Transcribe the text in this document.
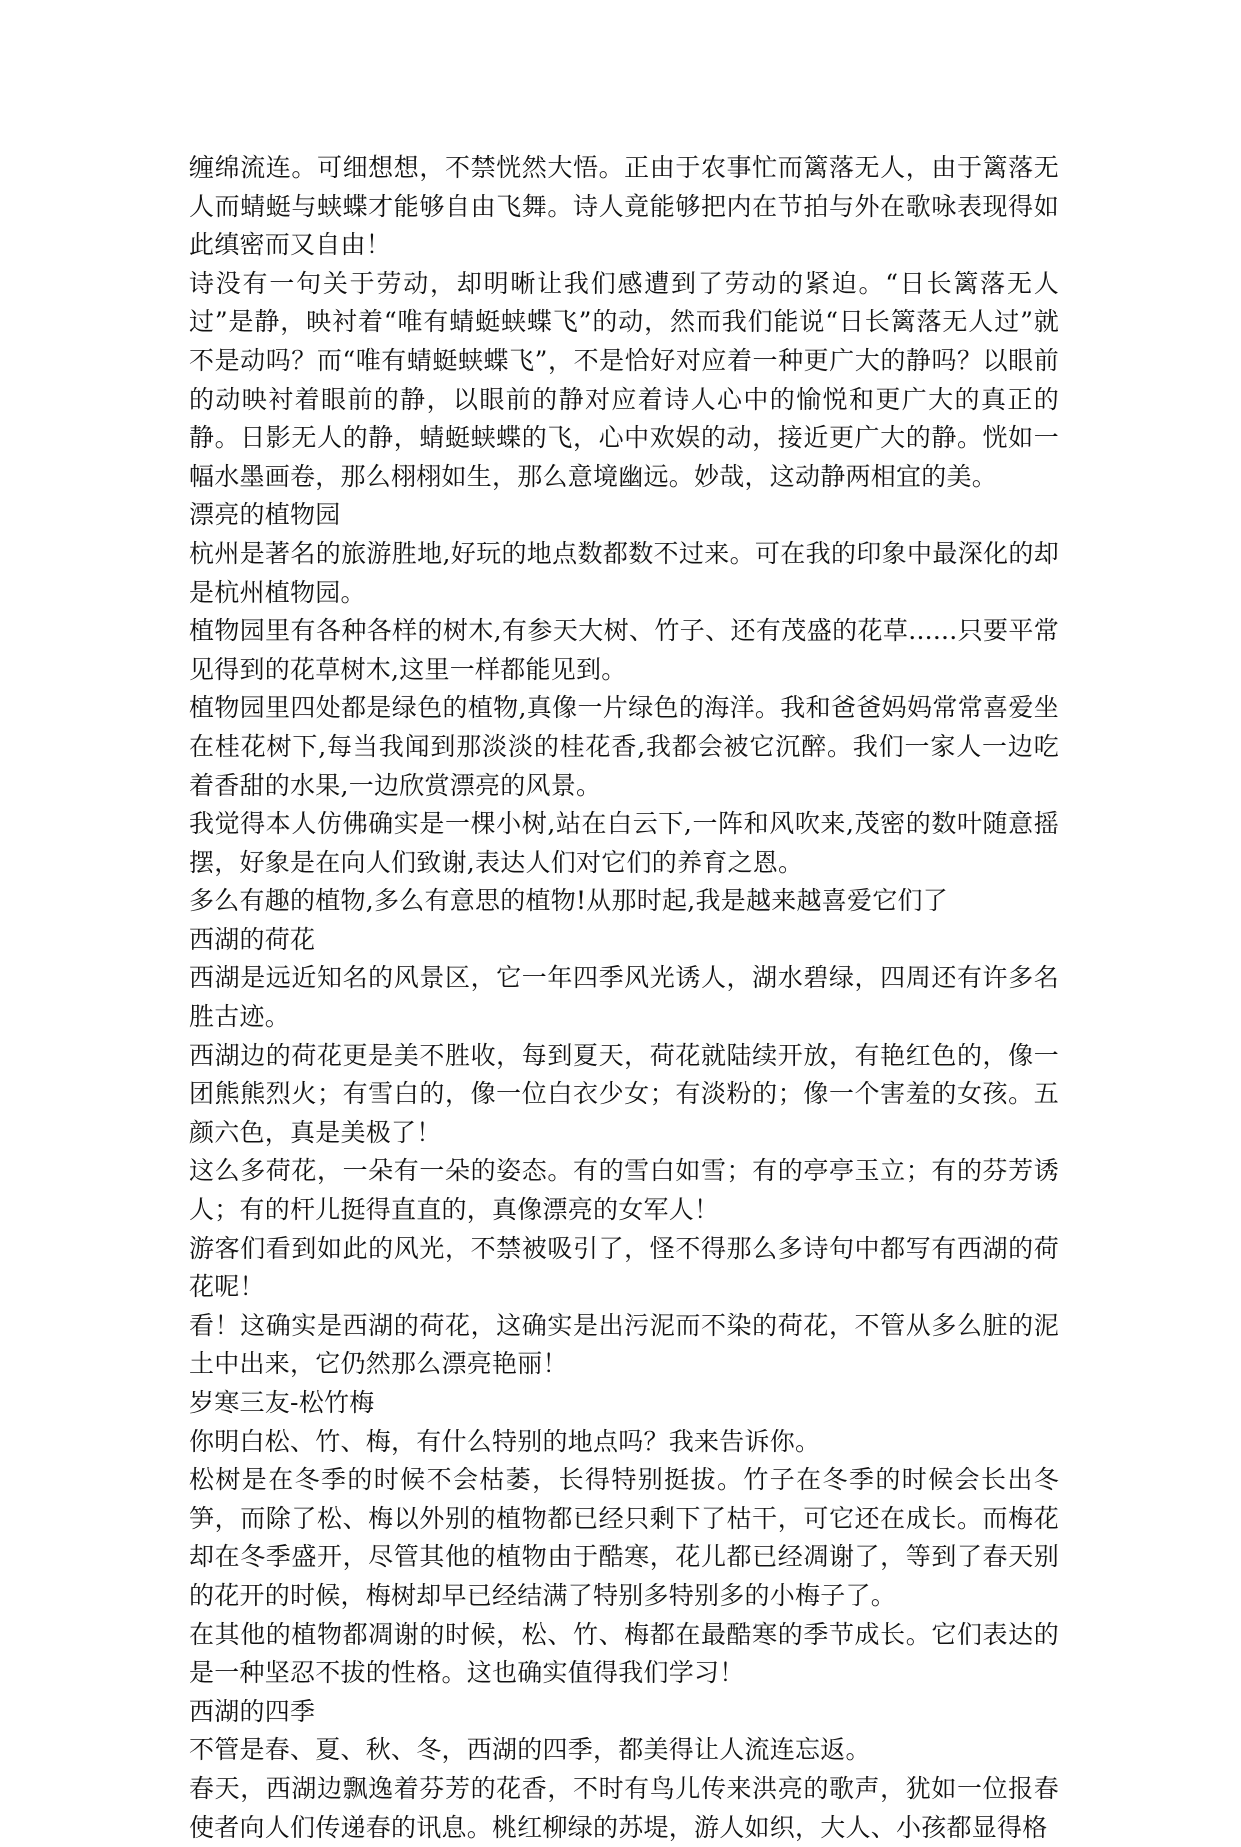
缠绵流连。可细想想，不禁恍然大悟。正由于农事忙而篱落无人，由于篱落无人而蜻蜓与蛱蝶才能够自由飞舞。诗人竟能够把内在节拍与外在歌咏表现得如此缜密而又自由！

诗没有一句关于劳动，却明晰让我们感遭到了劳动的紧迫。“日长篱落无人过”是静，映衬着“唯有蜻蜓蛱蝶飞”的动，然而我们能说“日长篱落无人过”就不是动吗？而“唯有蜻蜓蛱蝶飞”，不是恰好对应着一种更广大的静吗？以眼前的动映衬着眼前的静，以眼前的静对应着诗人心中的愉悦和更广大的真正的静。日影无人的静，蜻蜓蛱蝶的飞，心中欢娱的动，接近更广大的静。恍如一幅水墨画卷，那么栩栩如生，那么意境幽远。妙哉，这动静两相宜的美。

漂亮的植物园

杭州是著名的旅游胜地,好玩的地点数都数不过来。可在我的印象中最深化的却是杭州植物园。

植物园里有各种各样的树木,有参天大树、竹子、还有茂盛的花草......只要平常见得到的花草树木,这里一样都能见到。

植物园里四处都是绿色的植物,真像一片绿色的海洋。我和爸爸妈妈常常喜爱坐在桂花树下,每当我闻到那淡淡的桂花香,我都会被它沉醉。我们一家人一边吃着香甜的水果,一边欣赏漂亮的风景。

我觉得本人仿佛确实是一棵小树,站在白云下,一阵和风吹来,茂密的数叶随意摇摆，好象是在向人们致谢,表达人们对它们的养育之恩。

多么有趣的植物,多么有意思的植物!从那时起,我是越来越喜爱它们了

西湖的荷花

西湖是远近知名的风景区，它一年四季风光诱人，湖水碧绿，四周还有许多名胜古迹。

西湖边的荷花更是美不胜收，每到夏天，荷花就陆续开放，有艳红色的，像一团熊熊烈火；有雪白的，像一位白衣少女；有淡粉的；像一个害羞的女孩。五颜六色，真是美极了！

这么多荷花，一朵有一朵的姿态。有的雪白如雪；有的亭亭玉立；有的芬芳诱人；有的杆儿挺得直直的，真像漂亮的女军人！

游客们看到如此的风光，不禁被吸引了，怪不得那么多诗句中都写有西湖的荷花呢！

看！这确实是西湖的荷花，这确实是出污泥而不染的荷花，不管从多么脏的泥土中出来，它仍然那么漂亮艳丽！

岁寒三友-松竹梅

你明白松、竹、梅，有什么特别的地点吗？我来告诉你。

松树是在冬季的时候不会枯萎，长得特别挺拔。竹子在冬季的时候会长出冬笋，而除了松、梅以外别的植物都已经只剩下了枯干，可它还在成长。而梅花却在冬季盛开，尽管其他的植物由于酷寒，花儿都已经凋谢了，等到了春天别的花开的时候，梅树却早已经结满了特别多特别多的小梅子了。

在其他的植物都凋谢的时候，松、竹、梅都在最酷寒的季节成长。它们表达的是一种坚忍不拔的性格。这也确实值得我们学习！

西湖的四季

不管是春、夏、秋、冬，西湖的四季，都美得让人流连忘返。

春天，西湖边飘逸着芬芳的花香，不时有鸟儿传来洪亮的歌声，犹如一位报春使者向人们传递春的讯息。桃红柳绿的苏堤，游人如织，大人、小孩都显得格
